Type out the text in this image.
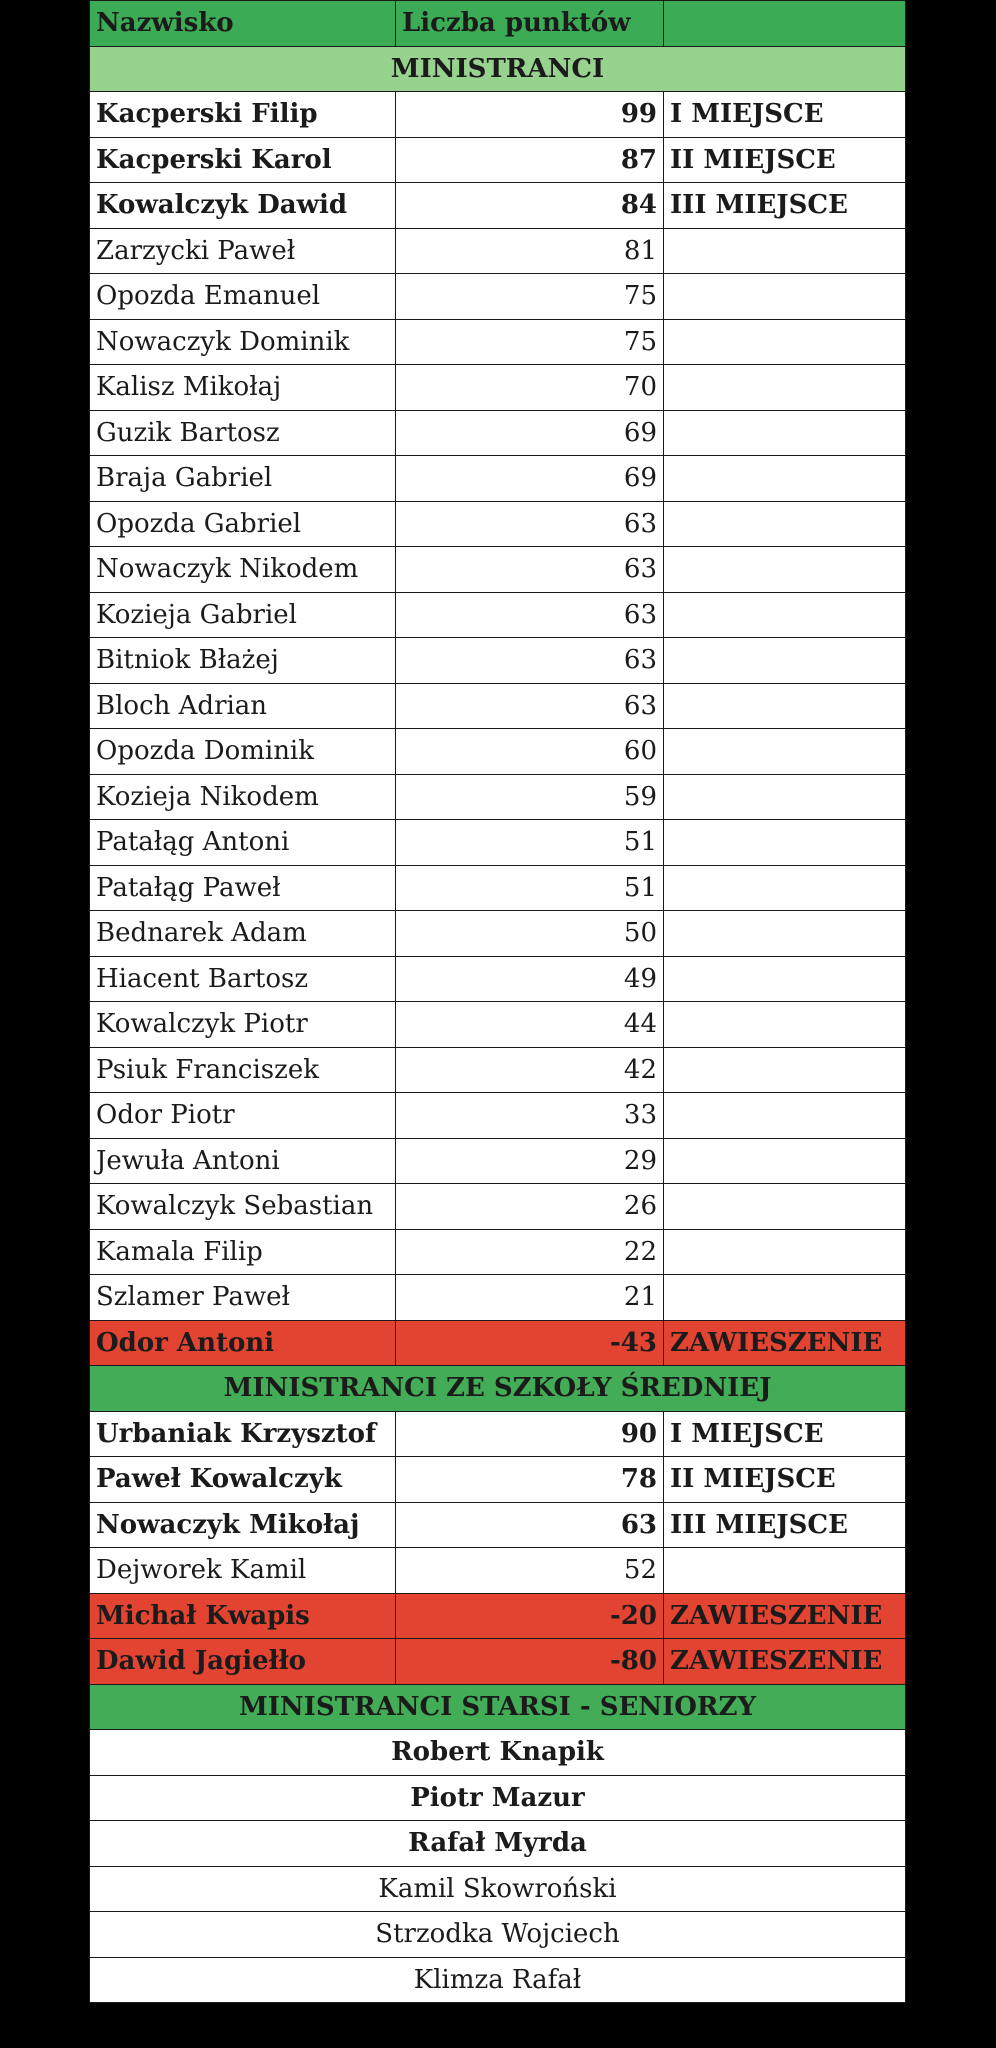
Nazwisko	Liczba punktów	
MINISTRANCI		
Kacperski Filip	99	I MIEJSCE
Kacperski Karol	87	II MIEJSCE
Kowalczyk Dawid	84	III MIEJSCE
Zarzycki Paweł	81	
Opozda Emanuel	75	
Nowaczyk Dominik	75	
Kalisz Mikołaj	70	
Guzik Bartosz	69	
Braja Gabriel	69	
Opozda Gabriel	63	
Nowaczyk Nikodem	63	
Kozieja Gabriel	63	
Bitniok Błażej	63	
Bloch Adrian	63	
Opozda Dominik	60	
Kozieja Nikodem	59	
Patałąg Antoni	51	
Patałąg Paweł	51	
Bednarek Adam	50	
Hiacent Bartosz	49	
Kowalczyk Piotr	44	
Psiuk Franciszek	42	
Odor Piotr	33	
Jewuła Antoni	29	
Kowalczyk Sebastian	26	
Kamala Filip	22	
Szlamer Paweł	21	
Odor Antoni	-43	ZAWIESZENIE
MINISTRANCI ZE SZKOŁY ŚREDNIEJ		
Urbaniak Krzysztof	90	I MIEJSCE
Paweł Kowalczyk	78	II MIEJSCE
Nowaczyk Mikołaj	63	III MIEJSCE
Dejworek Kamil	52	
Michał Kwapis	-20	ZAWIESZENIE
Dawid Jagiełło	-80	ZAWIESZENIE
MINISTRANCI STARSI - SENIORZY		
Robert Knapik		
Piotr Mazur		
Rafał Myrda		
Kamil Skowroński		
Strzodka Wojciech		
Klimza Rafał		
